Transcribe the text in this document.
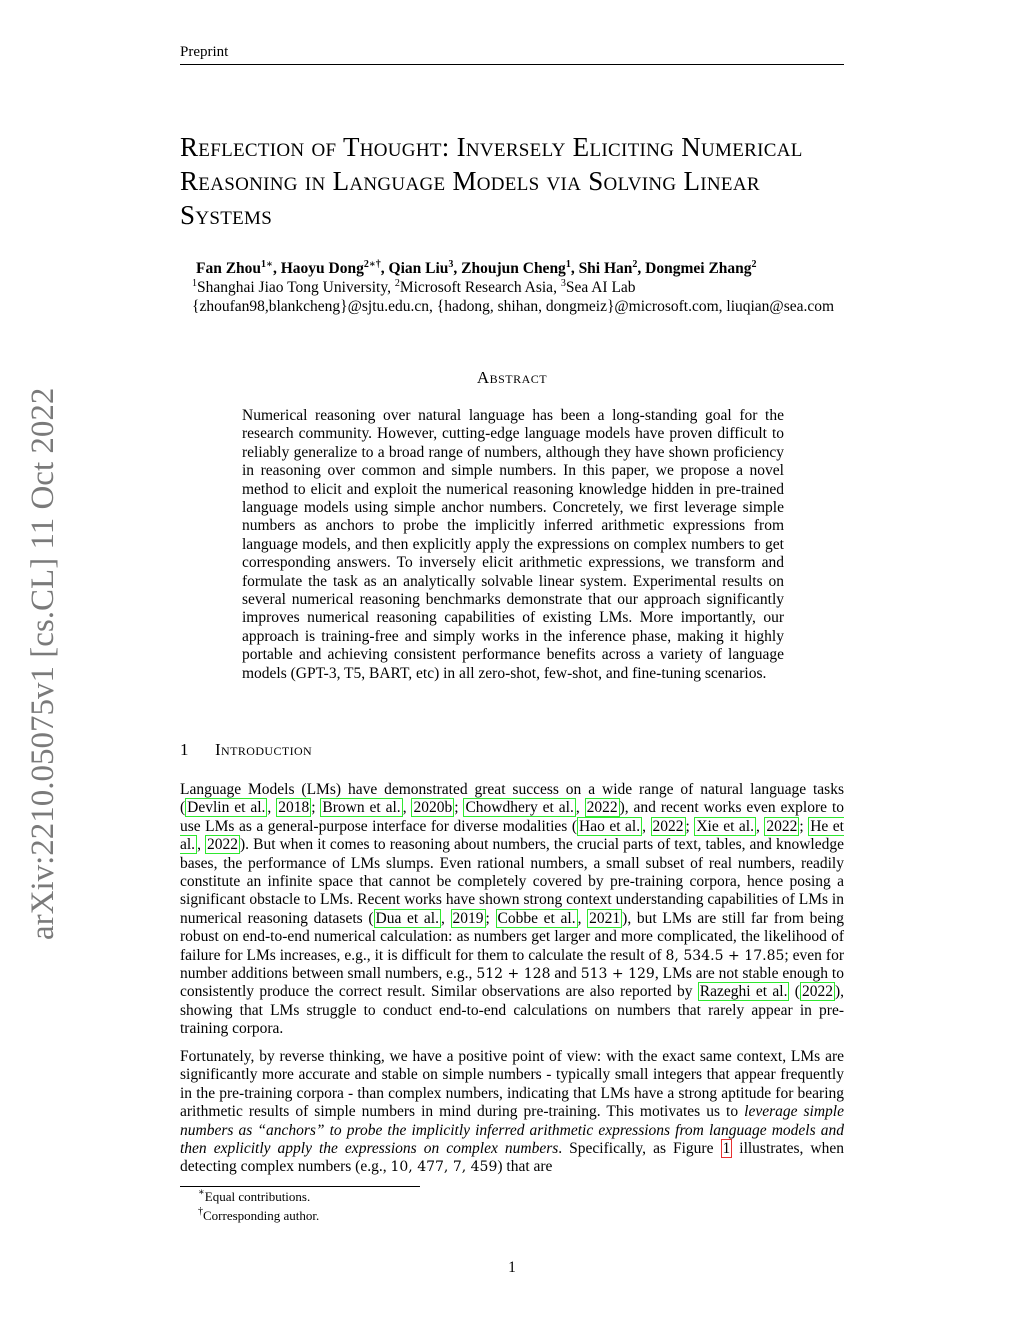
Preprint
Reflection of Thought: Inversely Eliciting Numerical Reasoning in Language Models via Solving Linear Systems
Fan Zhou$^{1∗}$, Haoyu Dong$^{2∗\dagger}$, Qian Liu$^3$, Zhoujun Cheng$^1$, Shi Han$^2$, Dongmei Zhang$^2$
$^1$Shanghai Jiao Tong University, $^2$Microsoft Research Asia, $^3$Sea AI Lab
{zhoufan98,blankcheng}@sjtu.edu.cn, {hadong, shihan, dongmeiz}@microsoft.com, liuqian@sea.com
arXiv:2210.05075v1 [cs.CL] 11 Oct 2022
Abstract
Numerical reasoning over natural language has been a long-standing goal for the research community. However, cutting-edge language models have proven difficult to reliably generalize to a broad range of numbers, although they have shown proficiency in reasoning over common and simple numbers. In this paper, we propose a novel method to elicit and exploit the numerical reasoning knowledge hidden in pre-trained language models using simple anchor numbers. Concretely, we first leverage simple numbers as anchors to probe the implicitly inferred arithmetic expressions from language models, and then explicitly apply the expressions on complex numbers to get corresponding answers. To inversely elicit arithmetic expressions, we transform and formulate the task as an analytically solvable linear system. Experimental results on several numerical reasoning benchmarks demonstrate that our approach significantly improves numerical reasoning capabilities of existing LMs. More importantly, our approach is training-free and simply works in the inference phase, making it highly portable and achieving consistent performance benefits across a variety of language models (GPT-3, T5, BART, etc) in all zero-shot, few-shot, and fine-tuning scenarios.
1 Introduction
Language Models (LMs) have demonstrated great success on a wide range of natural language tasks ( Devlin et al. , 2018 ; Brown et al. , 2020b ; Chowdhery et al. , 2022 ), and recent works even explore to use LMs as a general-purpose interface for diverse modalities ( Hao et al. , 2022 ; Xie et al. , 2022 ; He et al. , 2022 ). But when it comes to reasoning about numbers, the crucial parts of text, tables, and knowledge bases, the performance of LMs slumps. Even rational numbers, a small subset of real numbers, readily constitute an infinite space that cannot be completely covered by pre-training corpora, hence posing a significant obstacle to LMs. Recent works have shown strong context understanding capabilities of LMs in numerical reasoning datasets ( Dua et al. , 2019 ; Cobbe et al. , 2021 ), but LMs are still far from being robust on end-to-end numerical calculation: as numbers get larger and more complicated, the likelihood of failure for LMs increases, e.g., it is difficult for them to calculate the result of 8, 534.5 + 17.85; even for number additions between small numbers, e.g., 512 + 128 and 513 + 129, LMs are not stable enough to consistently produce the correct result. Similar observations are also reported by Razeghi et al. ( 2022 ), showing that LMs struggle to conduct end-to-end calculations on numbers that rarely appear in pre-training corpora.
Fortunately, by reverse thinking, we have a positive point of view: with the exact same context, LMs are significantly more accurate and stable on simple numbers - typically small integers that appear frequently in the pre-training corpora - than complex numbers, indicating that LMs have a strong aptitude for bearing arithmetic results of simple numbers in mind during pre-training. This motivates us to leverage simple numbers as “anchors” to probe the implicitly inferred arithmetic expressions from language models and then explicitly apply the expressions on complex numbers. Specifically, as Figure 1 illustrates, when detecting complex numbers (e.g., 10, 477, 7, 459) that are
∗Equal contributions.
†Corresponding author.
1
